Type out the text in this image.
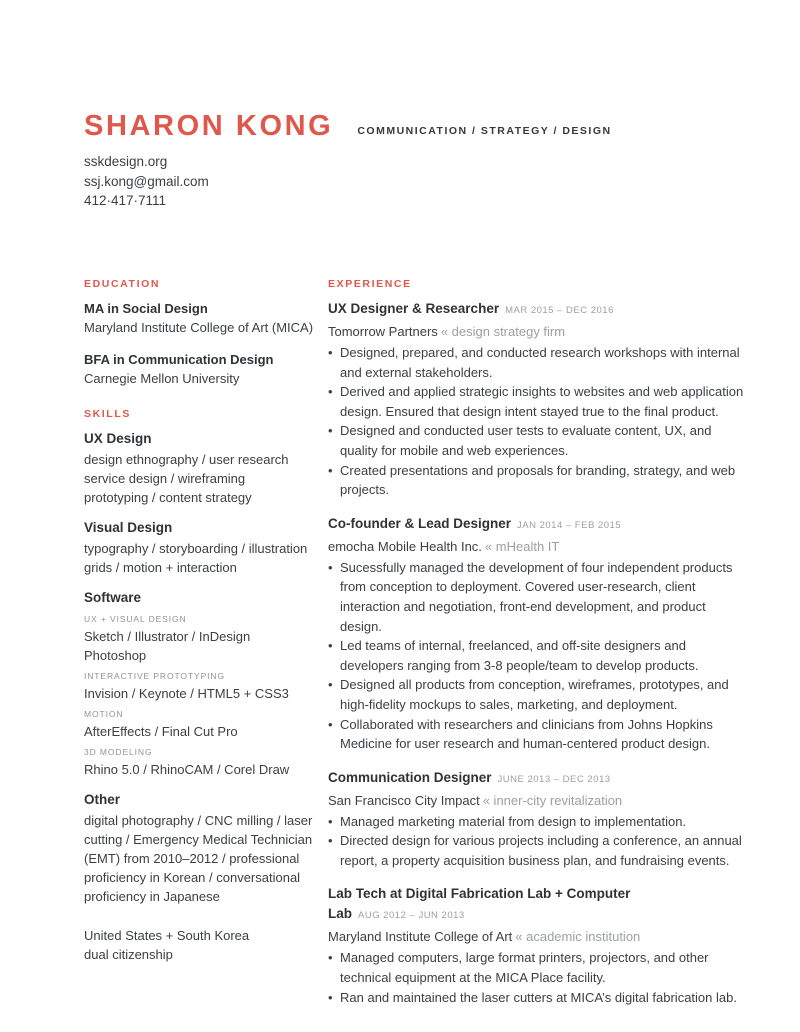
SHARON KONG COMMUNICATION / STRATEGY / DESIGN
sskdesign.org
ssj.kong@gmail.com
412·417·7111
EDUCATION
MA in Social Design
Maryland Institute College of Art (MICA)
BFA in Communication Design
Carnegie Mellon University
SKILLS
UX Design
design ethnography / user research
service design / wireframing
prototyping / content strategy
Visual Design
typography / storyboarding / illustration
grids / motion + interaction
Software
UX + VISUAL DESIGN
Sketch / Illustrator / InDesign
Photoshop
INTERACTIVE PROTOTYPING
Invision / Keynote / HTML5 + CSS3
MOTION
AfterEffects / Final Cut Pro
3D MODELING
Rhino 5.0 / RhinoCAM / Corel Draw
Other
digital photography / CNC milling / laser
cutting / Emergency Medical Technician
(EMT) from 2010–2012 / professional
proficiency in Korean / conversational
proficiency in Japanese
United States + South Korea
dual citizenship
EXPERIENCE
UX Designer & Researcher MAR 2015 – DEC 2016
Tomorrow Partners « design strategy firm
• Designed, prepared, and conducted research workshops with internal and external stakeholders.
• Derived and applied strategic insights to websites and web application design. Ensured that design intent stayed true to the final product.
• Designed and conducted user tests to evaluate content, UX, and quality for mobile and web experiences.
• Created presentations and proposals for branding, strategy, and web projects.
Co-founder & Lead Designer JAN 2014 – FEB 2015
emocha Mobile Health Inc. « mHealth IT
• Sucessfully managed the development of four independent products from conception to deployment. Covered user-research, client interaction and negotiation, front-end development, and product design.
• Led teams of internal, freelanced, and off-site designers and developers ranging from 3-8 people/team to develop products.
• Designed all products from conception, wireframes, prototypes, and high-fidelity mockups to sales, marketing, and deployment.
• Collaborated with researchers and clinicians from Johns Hopkins Medicine for user research and human-centered product design.
Communication Designer JUNE 2013 – DEC 2013
San Francisco City Impact « inner-city revitalization
• Managed marketing material from design to implementation.
• Directed design for various projects including a conference, an annual report, a property acquisition business plan, and fundraising events.
Lab Tech at Digital Fabrication Lab + Computer Lab AUG 2012 – JUN 2013
Maryland Institute College of Art « academic institution
• Managed computers, large format printers, projectors, and other technical equipment at the MICA Place facility.
• Ran and maintained the laser cutters at MICA’s digital fabrication lab.
